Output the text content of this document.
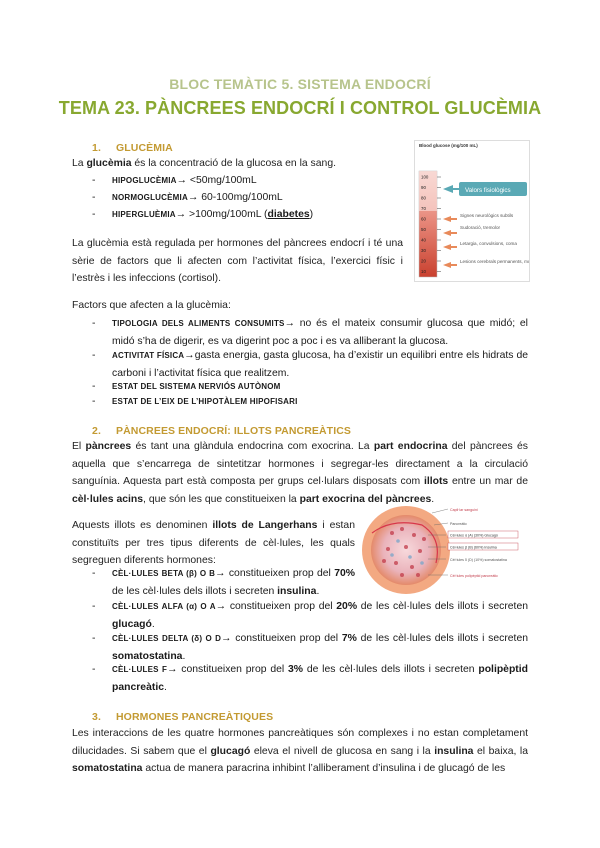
BLOC TEMÀTIC 5. SISTEMA ENDOCRÍ
TEMA 23. PÀNCREES ENDOCRÍ I CONTROL GLUCÈMIA
1. GLUCÈMIA
La glucèmia és la concentració de la glucosa en la sang.
- HIPOGLUCÈMIA→ <50mg/100mL
- NORMOGLUCÈMIA→ 60-100mg/100mL
- HIPERGLUÈMIA→ >100mg/100mL (diabetes)
La glucèmia està regulada per hormones del pàncrees endocrí i té una sèrie de factors que li afecten com l’activitat física, l’exercici físic i l’estrès i les infeccions (cortisol).
Factors que afecten a la glucèmia:
- TIPOLOGIA DELS ALIMENTS CONSUMITS→ no és el mateix consumir glucosa que midó; el midó s’ha de digerir, es va digerint poc a poc i es va alliberant la glucosa.
- ACTIVITAT FÍSICA→gasta energia, gasta glucosa, ha d’existir un equilibri entre els hidrats de carboni i l’activitat física que realitzem.
- ESTAT DEL SISTEMA NERVIÓS AUTÒNOM
- ESTAT DE L’EIX DE L’HIPOTÀLEM HIPOFISARI
Blood glucose (mg/100 mL)
100
90
80
70
60
50
40
30
20
10
Valors fisiològics
Signes neurològics subtils
Sudoració, tremolor
Letargia, convulsions, coma
Lesions cerebrals permanents, mort
2. PÀNCREES ENDOCRÍ: ILLOTS PANCREÀTICS
El pàncrees és tant una glàndula endocrina com exocrina. La part endocrina del pàncrees és aquella que s’encarrega de sintetitzar hormones i segregar-les directament a la circulació sanguínia. Aquesta part està composta per grups cel·lulars disposats com illots entre un mar de cèl·lules acins, que són les que constitueixen la part exocrina del pàncrees.
Aquests illots es denominen illots de Langerhans i estan constituïts per tres tipus diferents de cèl·lules, les quals segreguen diferents hormones:
- CÈL·LULES BETA (β) O B→ constitueixen prop del 70% de les cèl·lules dels illots i secreten insulina.
- CÈL·LULES ALFA (α) O A→ constitueixen prop del 20% de les cèl·lules dels illots i secreten glucagó.
- CÈL·LULES DELTA (δ) O D→ constitueixen prop del 7% de les cèl·lules dels illots i secreten somatostatina.
- CÈL·LULES F→ constitueixen prop del 3% de les cèl·lules dels illots i secreten polipèptid pancreàtic.
Capil·lar sanguini
Pancreàtic
Cèl·lules α (A) (30%) Glucagó
Cèl·lules β (B) (60%) Insulina
Cèl·lules δ (D) (10%) somatostatina
Cèl·lules polipèptid pancreàtic
3. HORMONES PANCREÀTIQUES
Les interaccions de les quatre hormones pancreàtiques són complexes i no estan completament dilucidades. Si sabem que el glucagó eleva el nivell de glucosa en sang i la insulina el baixa, la somatostatina actua de manera paracrina inhibint l’alliberament d’insulina i de glucagó de les
